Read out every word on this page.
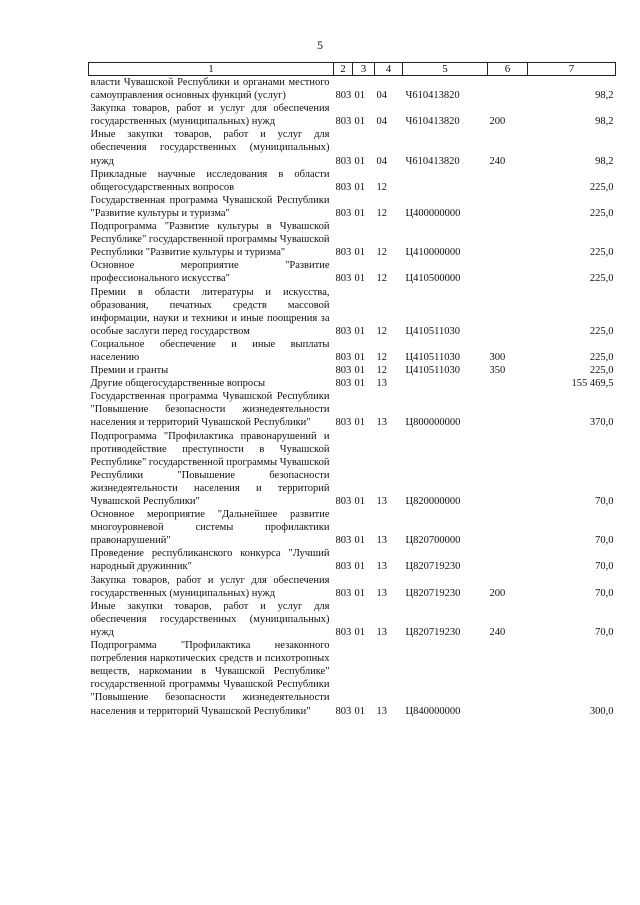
5
1	2	3	4	5	6	7
власти Чувашской Республики и органами местного самоуправления основных функций (услуг)	803	01	04	Ч610413820		98,2
Закупка товаров, работ и услуг для обеспечения государственных (муниципальных) нужд	803	01	04	Ч610413820	200	98,2
Иные закупки товаров, работ и услуг для обеспечения государственных (муниципальных) нужд	803	01	04	Ч610413820	240	98,2
Прикладные научные исследования в области общегосударственных вопросов	803	01	12			225,0
Государственная программа Чувашской Республики "Развитие культуры и туризма"	803	01	12	Ц400000000		225,0
Подпрограмма "Развитие культуры в Чувашской Республике" государственной программы Чувашской Республики "Развитие культуры и туризма"	803	01	12	Ц410000000		225,0
Основное мероприятие "Развитие профессионального искусства"	803	01	12	Ц410500000		225,0
Премии в области литературы и искусства, образования, печатных средств массовой информации, науки и техники и иные поощрения за особые заслуги перед государством	803	01	12	Ц410511030		225,0
Социальное обеспечение и иные выплаты населению	803	01	12	Ц410511030	300	225,0
Премии и гранты	803	01	12	Ц410511030	350	225,0
Другие общегосударственные вопросы	803	01	13			155 469,5
Государственная программа Чувашской Республики "Повышение безопасности жизнедеятельности населения и территорий Чувашской Республики"	803	01	13	Ц800000000		370,0
Подпрограмма "Профилактика правонарушений и противодействие преступности в Чувашской Республике" государственной программы Чувашской Республики "Повышение безопасности жизнедеятельности населения и территорий Чувашской Республики"	803	01	13	Ц820000000		70,0
Основное мероприятие "Дальнейшее развитие многоуровневой системы профилактики правонарушений"	803	01	13	Ц820700000		70,0
Проведение республиканского конкурса "Лучший народный дружинник"	803	01	13	Ц820719230		70,0
Закупка товаров, работ и услуг для обеспечения государственных (муниципальных) нужд	803	01	13	Ц820719230	200	70,0
Иные закупки товаров, работ и услуг для обеспечения государственных (муниципальных) нужд	803	01	13	Ц820719230	240	70,0
Подпрограмма "Профилактика незаконного потребления наркотических средств и психотропных веществ, наркомании в Чувашской Республике" государственной программы Чувашской Республики "Повышение безопасности жизнедеятельности населения и территорий Чувашской Республики"	803	01	13	Ц840000000		300,0
